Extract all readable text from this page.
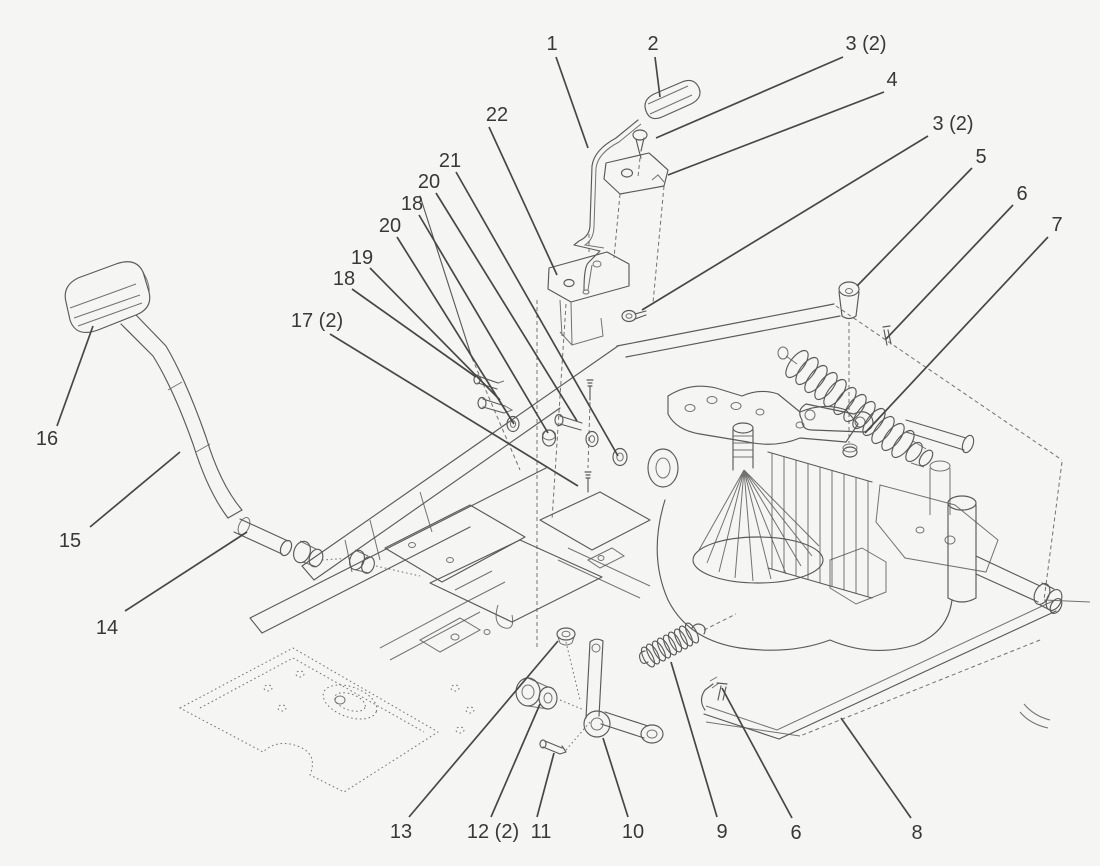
1	2	3 (2)
4
3 (2)
5
6
7
22
21
20
18
20
19
18
17 (2)
16
15
14
13	12 (2) 11	10	9	6	8
